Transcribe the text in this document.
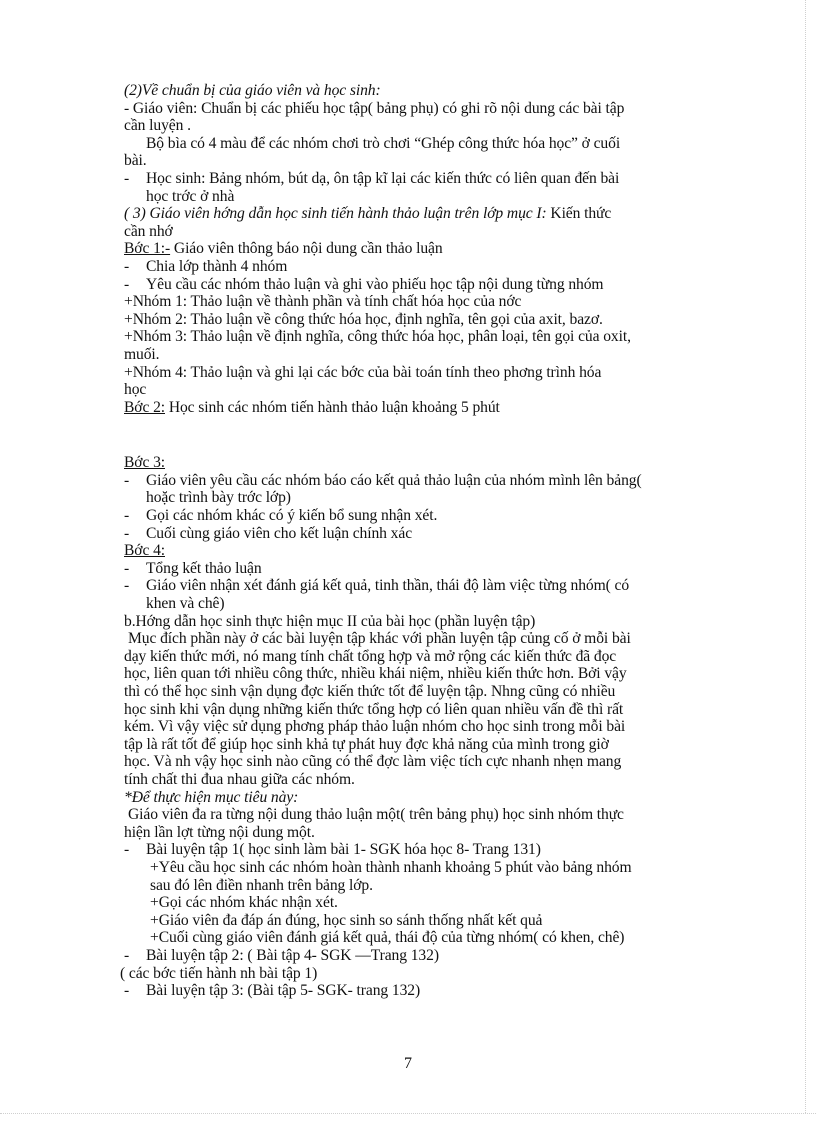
(2)Về chuẩn bị của giáo viên và học sinh:
- Giáo viên: Chuẩn bị các phiếu học tập( bảng phụ) có ghi rõ nội dung các bài tập
cần luyện .
Bộ bìa có 4 màu để các nhóm chơi trò chơi “Ghép công thức hóa học” ở cuối
bài.
- Học sinh: Bảng nhóm, bút dạ, ôn tập kĩ lại các kiến thức có liên quan đến bài
học trớc ở nhà
( 3) Giáo viên hớng dẫn học sinh tiến hành thảo luận trên lớp mục I: Kiến thức
cần nhớ
Bớc 1:- Giáo viên thông báo nội dung cần thảo luận
- Chia lớp thành 4 nhóm
- Yêu cầu các nhóm thảo luận và ghi vào phiếu học tập nội dung từng nhóm
+Nhóm 1: Thảo luận về thành phần và tính chất hóa học của nớc
+Nhóm 2: Thảo luận về công thức hóa học, định nghĩa, tên gọi của axit, bazơ.
+Nhóm 3: Thảo luận về định nghĩa, công thức hóa học, phân loại, tên gọi của oxit,
muối.
+Nhóm 4: Thảo luận và ghi lại các bớc của bài toán tính theo phơng trình hóa
học
Bớc 2: Học sinh các nhóm tiến hành thảo luận khoảng 5 phút
Bớc 3:
- Giáo viên yêu cầu các nhóm báo cáo kết quả thảo luận của nhóm mình lên bảng(
hoặc trình bày trớc lớp)
- Gọi các nhóm khác có ý kiến bổ sung nhận xét.
- Cuối cùng giáo viên cho kết luận chính xác
Bớc 4:
- Tổng kết thảo luận
- Giáo viên nhận xét đánh giá kết quả, tinh thần, thái độ làm việc từng nhóm( có
khen và chê)
b.Hớng dẫn học sinh thực hiện mục II của bài học (phần luyện tập)
Mục đích phần này ở các bài luyện tập khác với phần luyện tập củng cố ở mỗi bài
dạy kiến thức mới, nó mang tính chất tổng hợp và mở rộng các kiến thức đã đọc
học, liên quan tới nhiều công thức, nhiều khái niệm, nhiều kiến thức hơn. Bởi vậy
thì có thể học sinh vận dụng đợc kiến thức tốt để luyện tập. Nhng cũng có nhiều
học sinh khi vận dụng những kiến thức tổng hợp có liên quan nhiều vấn đề thì rất
kém. Vì vậy việc sử dụng phơng pháp thảo luận nhóm cho học sinh trong mỗi bài
tập là rất tốt để giúp học sinh khả tự phát huy đợc khả năng của mình trong giờ
học. Và nh vậy học sinh nào cũng có thể đợc làm việc tích cực nhanh nhẹn mang
tính chất thi đua nhau giữa các nhóm.
*Để thực hiện mục tiêu này:
Giáo viên đa ra từng nội dung thảo luận một( trên bảng phụ) học sinh nhóm thực
hiện lần lợt từng nội dung một.
- Bài luyện tập 1( học sinh làm bài 1- SGK hóa học 8- Trang 131)
+Yêu cầu học sinh các nhóm hoàn thành nhanh khoảng 5 phút vào bảng nhóm
sau đó lên điền nhanh trên bảng lớp.
+Gọi các nhóm khác nhận xét.
+Giáo viên đa đáp án đúng, học sinh so sánh thống nhất kết quả
+Cuối cùng giáo viên đánh giá kết quả, thái độ của từng nhóm( có khen, chê)
- Bài luyện tập 2: ( Bài tập 4- SGK —Trang 132)
( các bớc tiến hành nh bài tập 1)
- Bài luyện tập 3: (Bài tập 5- SGK- trang 132)
7
